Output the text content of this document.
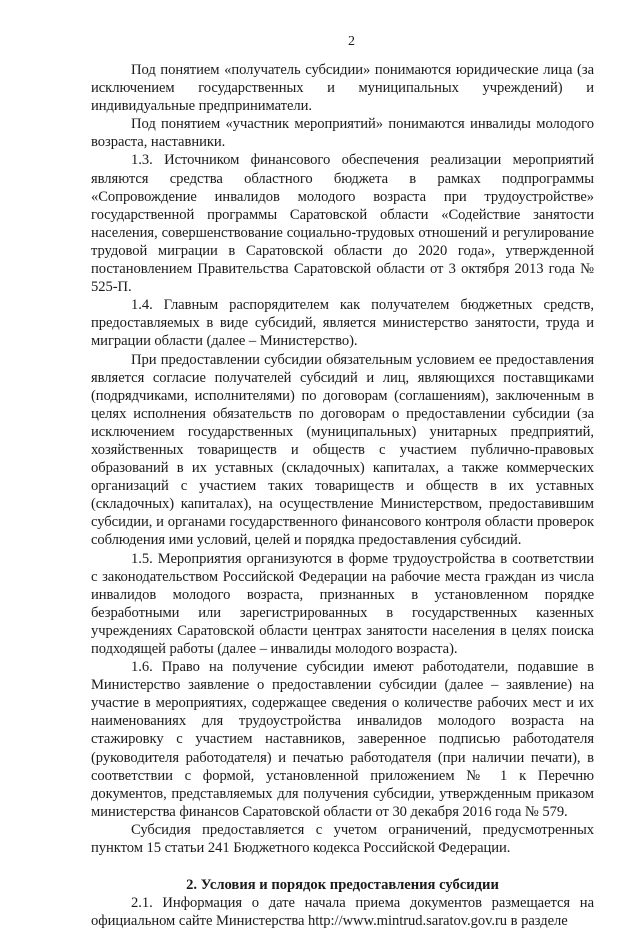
2

Под понятием «получатель субсидии» понимаются юридические лица (за исключением государственных и муниципальных учреждений) и индивидуальные предприниматели.

Под понятием «участник мероприятий» понимаются инвалиды молодого возраста, наставники.

1.3. Источником финансового обеспечения реализации мероприятий являются средства областного бюджета в рамках подпрограммы «Сопровождение инвалидов молодого возраста при трудоустройстве» государственной программы Саратовской области «Содействие занятости населения, совершенствование социально-трудовых отношений и регулирование трудовой миграции в Саратовской области до 2020 года», утвержденной постановлением Правительства Саратовской области от 3 октября 2013 года № 525-П.

1.4. Главным распорядителем как получателем бюджетных средств, предоставляемых в виде субсидий, является министерство занятости, труда и миграции области (далее – Министерство).

При предоставлении субсидии обязательным условием ее предоставления является согласие получателей субсидий и лиц, являющихся поставщиками (подрядчиками, исполнителями) по договорам (соглашениям), заключенным в целях исполнения обязательств по договорам о предоставлении субсидии (за исключением государственных (муниципальных) унитарных предприятий, хозяйственных товариществ и обществ с участием публично-правовых образований в их уставных (складочных) капиталах, а также коммерческих организаций с участием таких товариществ и обществ в их уставных (складочных) капиталах), на осуществление Министерством, предоставившим субсидии, и органами государственного финансового контроля области проверок соблюдения ими условий, целей и порядка предоставления субсидий.

1.5. Мероприятия организуются в форме трудоустройства в соответствии с законодательством Российской Федерации на рабочие места граждан из числа инвалидов молодого возраста, признанных в установленном порядке безработными или зарегистрированных в государственных казенных учреждениях Саратовской области центрах занятости населения в целях поиска подходящей работы (далее – инвалиды молодого возраста).

1.6. Право на получение субсидии имеют работодатели, подавшие в Министерство заявление о предоставлении субсидии (далее – заявление) на участие в мероприятиях, содержащее сведения о количестве рабочих мест и их наименованиях для трудоустройства инвалидов молодого возраста на стажировку с участием наставников, заверенное подписью работодателя (руководителя работодателя) и печатью работодателя (при наличии печати), в соответствии с формой, установленной приложением № 1 к Перечню документов, представляемых для получения субсидии, утвержденным приказом министерства финансов Саратовской области от 30 декабря 2016 года № 579.

Субсидия предоставляется с учетом ограничений, предусмотренных пунктом 15 статьи 241 Бюджетного кодекса Российской Федерации.

2. Условия и порядок предоставления субсидии

2.1. Информация о дате начала приема документов размещается на официальном сайте Министерства http://www.mintrud.saratov.gov.ru в разделе
